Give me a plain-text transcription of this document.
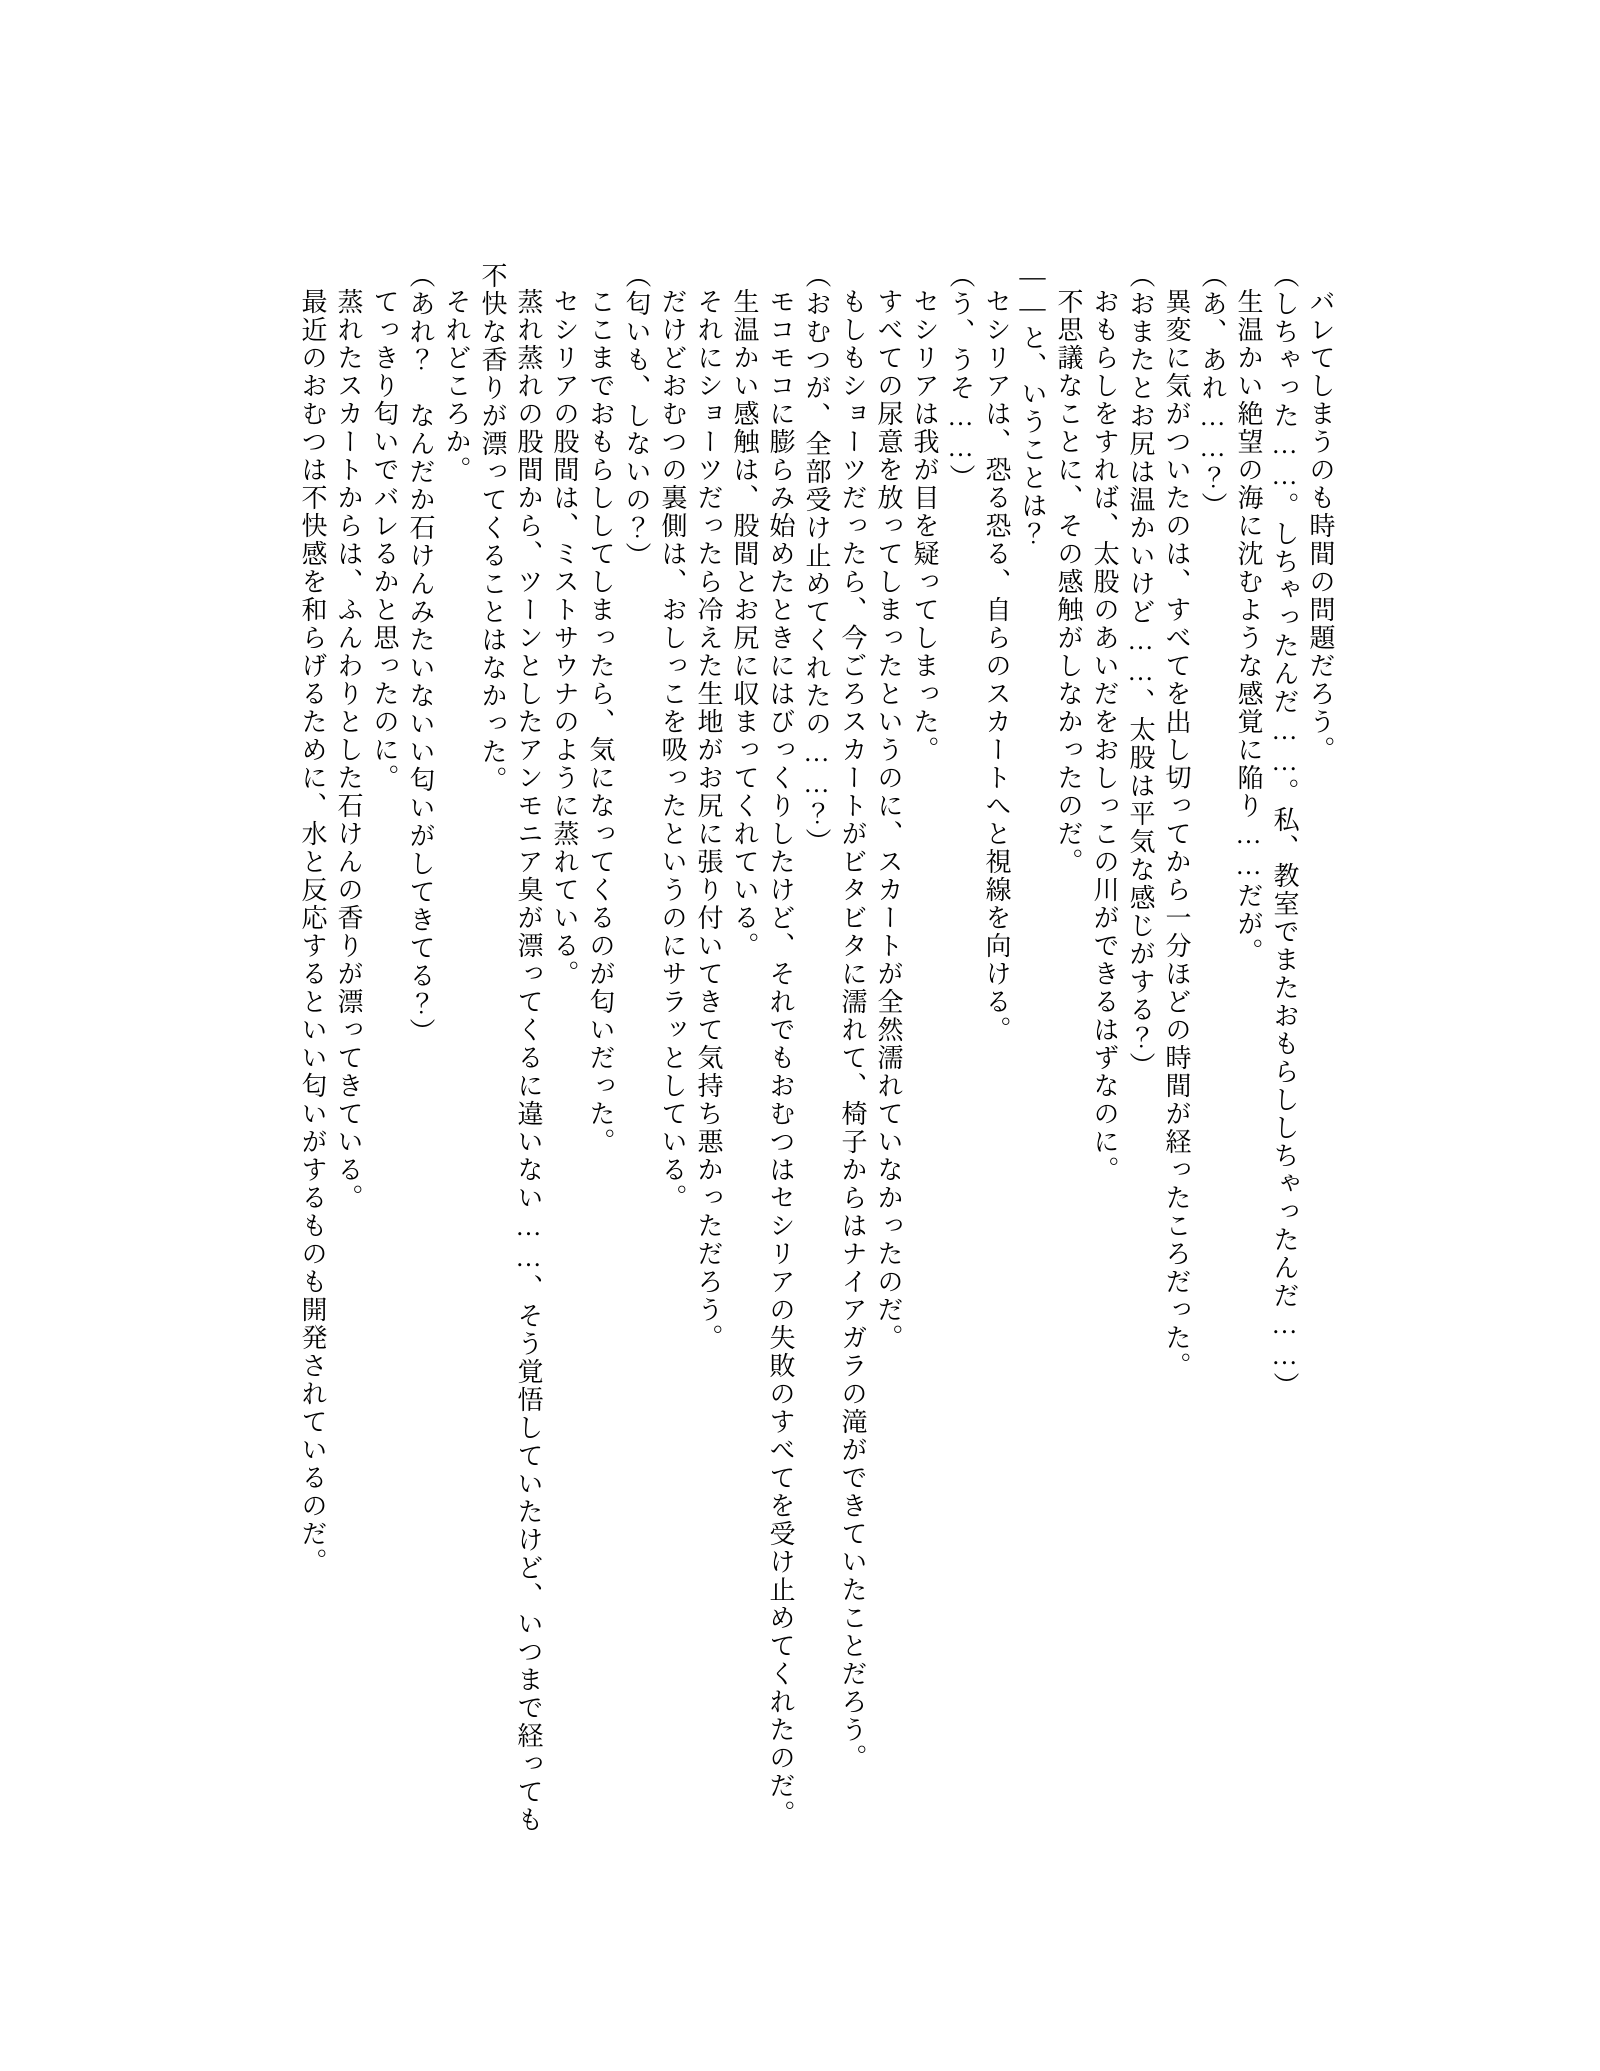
バレてしまうのも時間の問題だろう。

（しちゃった……。しちゃったんだ……。私、教室でまたおもらししちゃったんだ……）

生温かい絶望の海に沈むような感覚に陥り……だが。

（あ、あれ……？）

異変に気がついたのは、すべてを出し切ってから一分ほどの時間が経ったころだった。

（おまたとお尻は温かいけど……、太股は平気な感じがする？）

おもらしをすれば、太股のあいだをおしっこの川ができるはずなのに。

不思議なことに、その感触がしなかったのだ。

――と、いうことは？

セシリアは、恐る恐る、自らのスカートへと視線を向ける。

（う、うそ……）

セシリアは我が目を疑ってしまった。

すべての尿意を放ってしまったというのに、スカートが全然濡れていなかったのだ。

もしもショーツだったら、今ごろスカートがビタビタに濡れて、椅子からはナイアガラの滝ができていたことだろう。

（おむつが、全部受け止めてくれたの……？）

モコモコに膨らみ始めたときにはびっくりしたけど、それでもおむつはセシリアの失敗のすべてを受け止めてくれたのだ。

生温かい感触は、股間とお尻に収まってくれている。

それにショーツだったら冷えた生地がお尻に張り付いてきて気持ち悪かっただろう。

だけどおむつの裏側は、おしっこを吸ったというのにサラッとしている。

（匂いも、しないの？）

ここまでおもらししてしまったら、気になってくるのが匂いだった。

セシリアの股間は、ミストサウナのように蒸れている。

蒸れ蒸れの股間から、ツーンとしたアンモニア臭が漂ってくるに違いない……、そう覚悟していたけど、いつまで経っても不快な香りが漂ってくることはなかった。

それどころか。

（あれ？　なんだか石けんみたいないい匂いがしてきてる？）

てっきり匂いでバレるかと思ったのに。

蒸れたスカートからは、ふんわりとした石けんの香りが漂ってきている。

最近のおむつは不快感を和らげるために、水と反応するといい匂いがするものも開発されているのだ。
